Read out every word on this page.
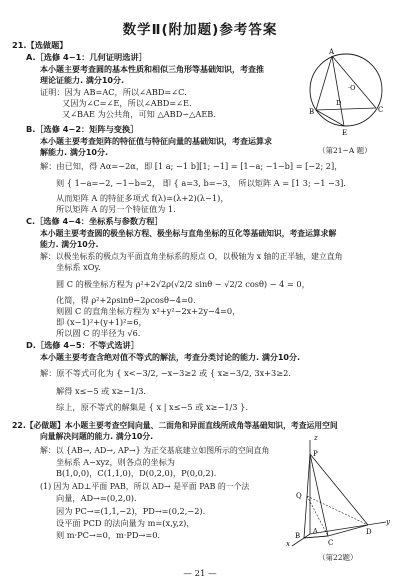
数学Ⅱ(附加题)参考答案
21.【选做题】
A.［选修 4−1：几何证明选讲］
本小题主要考查圆的基本性质和相似三角形等基础知识，考查推
理论证能力. 满分10分.
证明：因为 AB=AC，所以∠ABD=∠C.
又因为∠C=∠E，所以∠ABD=∠E.
又∠BAE 为公共角，可知 △ABD∽△AEB.
A
B	C
D
E
·O
（第21−A 题）
B.［选修 4−2：矩阵与变换］
本小题主要考查矩阵的特征值与特征向量的基础知识，考查运算求
解能力. 满分10分.
解：由已知，得 Aα=−2α，即 [1 a; −1 b][1; −1] = [1−a; −1−b] = [−2; 2]，
则 { 1−a=−2, −1−b=2， 即 { a=3, b=−3， 所以矩阵 A = [1 3; −1 −3].
从而矩阵 A 的特征多项式 f(λ)=(λ+2)(λ−1)，
所以矩阵 A 的另一个特征值为 1.
C.［选修 4−4：坐标系与参数方程］
本小题主要考查圆的极坐标方程、极坐标与直角坐标的互化等基础知识，考查运算求解
能力. 满分10分.
解：以极坐标系的极点为平面直角坐标系的原点 O，以极轴为 x 轴的正半轴，建立直角
坐标系 xOy.
圆 C 的极坐标方程为 ρ²+2√2ρ(√2/2 sinθ − √2/2 cosθ) − 4 = 0，
化简，得 ρ²+2ρsinθ−2ρcosθ−4=0.
则圆 C 的直角坐标方程为 x²+y²−2x+2y−4=0，
即 (x−1)²+(y+1)²=6，
所以圆 C 的半径为 √6.
D.［选修 4−5：不等式选讲］
本小题主要考查含绝对值不等式的解法，考查分类讨论的能力. 满分10分.
解：原不等式可化为 { x<−3/2, −x−3≥2 或 { x≥−3/2, 3x+3≥2.
解得 x≤−5 或 x≥−1/3.
综上，原不等式的解集是 { x | x≤−5 或 x≥−1/3 }.
22.【必做题】本小题主要考查空间向量、二面角和异面直线所成角等基础知识，考查运用空间
向量解决问题的能力. 满分10分.
解：以 {AB→, AD→, AP→} 为正交基底建立如图所示的空间直角
坐标系 A−xyz，则各点的坐标为
B(1,0,0)，C(1,1,0)，D(0,2,0)，P(0,0,2).
(1) 因为 AD⊥平面 PAB，所以 AD→ 是平面 PAB 的一个法
向量，AD→=(0,2,0).
因为 PC→=(1,1,−2)，PD→=(0,2,−2).
设平面 PCD 的法向量为 m=(x,y,z)，
则 m·PC→=0，m·PD→=0.
z
P
Q
A
B
C
D
y
x
（第22题）
— 21 —
